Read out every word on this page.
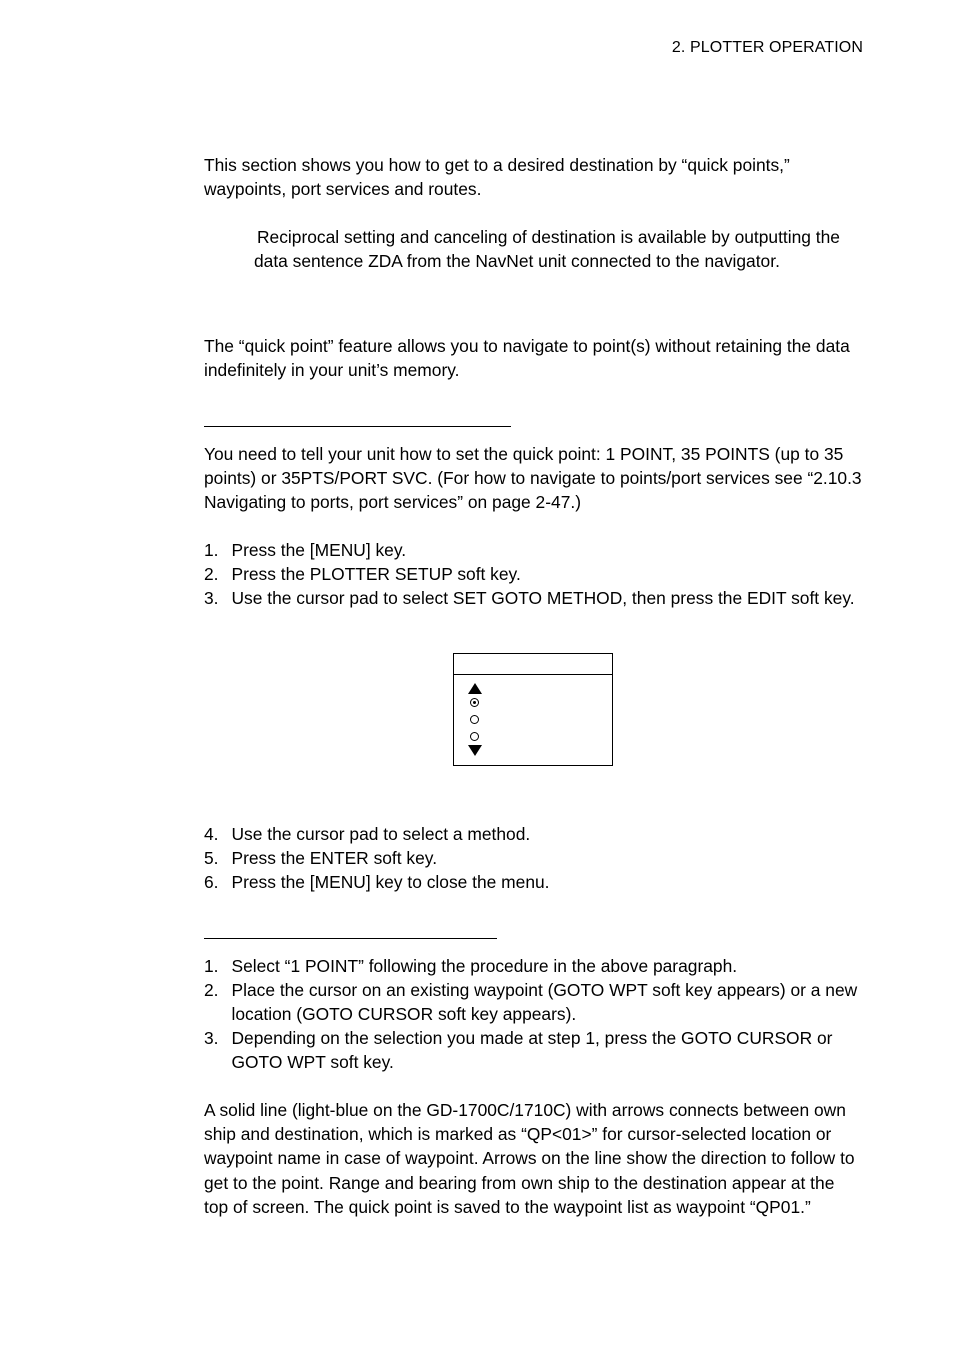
2. PLOTTER OPERATION
This section shows you how to get to a desired destination by “quick points,” waypoints, port services and routes.
Reciprocal setting and canceling of destination is available by outputting the data sentence ZDA from the NavNet unit connected to the navigator.
The “quick point” feature allows you to navigate to point(s) without retaining the data indefinitely in your unit’s memory.
You need to tell your unit how to set the quick point: 1 POINT, 35 POINTS (up to 35 points) or 35PTS/PORT SVC. (For how to navigate to points/port services see “2.10.3 Navigating to ports, port services” on page 2-47.)
1. Press the [MENU] key.
2. Press the PLOTTER SETUP soft key.
3. Use the cursor pad to select SET GOTO METHOD, then press the EDIT soft key.
4. Use the cursor pad to select a method.
5. Press the ENTER soft key.
6. Press the [MENU] key to close the menu.
1. Select “1 POINT” following the procedure in the above paragraph.
2. Place the cursor on an existing waypoint (GOTO WPT soft key appears) or a new location (GOTO CURSOR soft key appears).
3. Depending on the selection you made at step 1, press the GOTO CURSOR or GOTO WPT soft key.
A solid line (light-blue on the GD-1700C/1710C) with arrows connects between own ship and destination, which is marked as “QP<01>” for cursor-selected location or waypoint name in case of waypoint. Arrows on the line show the direction to follow to get to the point. Range and bearing from own ship to the destination appear at the top of screen. The quick point is saved to the waypoint list as waypoint “QP01.”
